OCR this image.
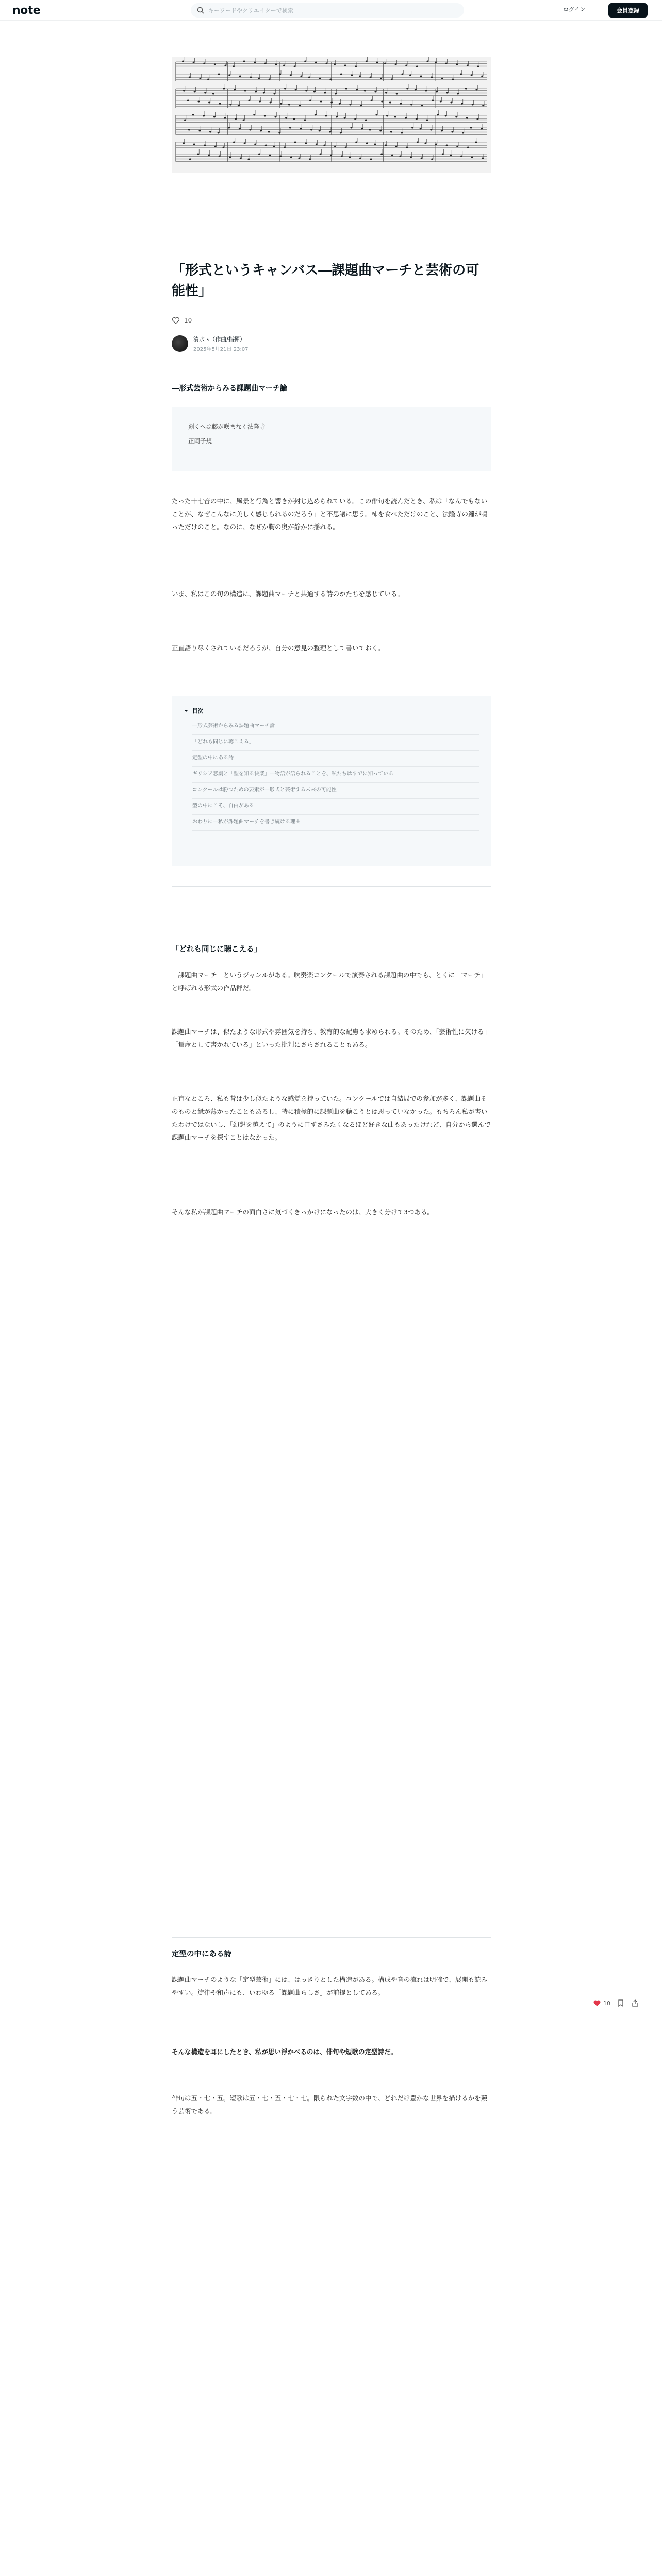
note
キーワードやクリエイターで検索	ログイン	会員登録
「形式というキャンバス―課題曲マーチと芸術の可能性」
10
清水 s（作曲/指揮）
2025年5月21日 23:07
―形式芸術からみる課題曲マーチ論

刻くへは藤が咲まなく法隆寺

正岡子規

たった十七音の中に、風景と行為と響きが封じ込められている。この俳句を読んだとき、私は「なんでもないことが、なぜこんなに美しく感じられるのだろう」と不思議に思う。柿を食べただけのこと、法隆寺の鐘が鳴っただけのこと。なのに、なぜか胸の奥が静かに揺れる。
いま、私はこの句の構造に、課題曲マーチと共通する詩のかたちを感じている。
正直語り尽くされているだろうが、自分の意見の整理として書いておく。
目次
―形式芸術からみる課題曲マーチ論
「どれも同じに聴こえる」
定型の中にある詩
ギリシア悲劇と「型を知る快楽」―物語が語られることを、私たちはすでに知っている
コンクールは勝つための要素が―形式と芸術する未来の可能性
型の中にこそ、自由がある
おわりに―私が課題曲マーチを書き続ける理由
「どれも同じに聴こえる」
「課題曲マーチ」というジャンルがある。吹奏楽コンクールで演奏される課題曲の中でも、とくに「マーチ」と呼ばれる形式の作品群だ。
課題曲マーチは、似たような形式や雰囲気を持ち、教育的な配慮も求められる。そのため、「芸術性に欠ける」「量産として書かれている」といった批判にさらされることもある。
正直なところ、私も昔は少し似たような感覚を持っていた。コンクールでは自結局での参加が多く、課題曲そのものと縁が薄かったこともあるし、特に積極的に課題曲を聴こうとは思っていなかった。もちろん私が書いたわけではないし、「幻想を越えて」のように口ずさみたくなるほど好きな曲もあったけれど、自分から選んで課題曲マーチを探すことはなかった。
そんな私が課題曲マーチの面白さに気づくきっかけになったのは、大きく分けて3つある。
定型の中にある詩
課題曲マーチのような「定型芸術」には、はっきりとした構造がある。構成や音の流れは明確で、展開も読みやすい。旋律や和声にも、いわゆる「課題曲らしさ」が前提としてある。
そんな構造を耳にしたとき、私が思い浮かべるのは、俳句や短歌の定型詩だ。
俳句は五・七・五。短歌は五・七・五・七・七。限られた文字数の中で、どれだけ豊かな世界を描けるかを競う芸術である。
10
